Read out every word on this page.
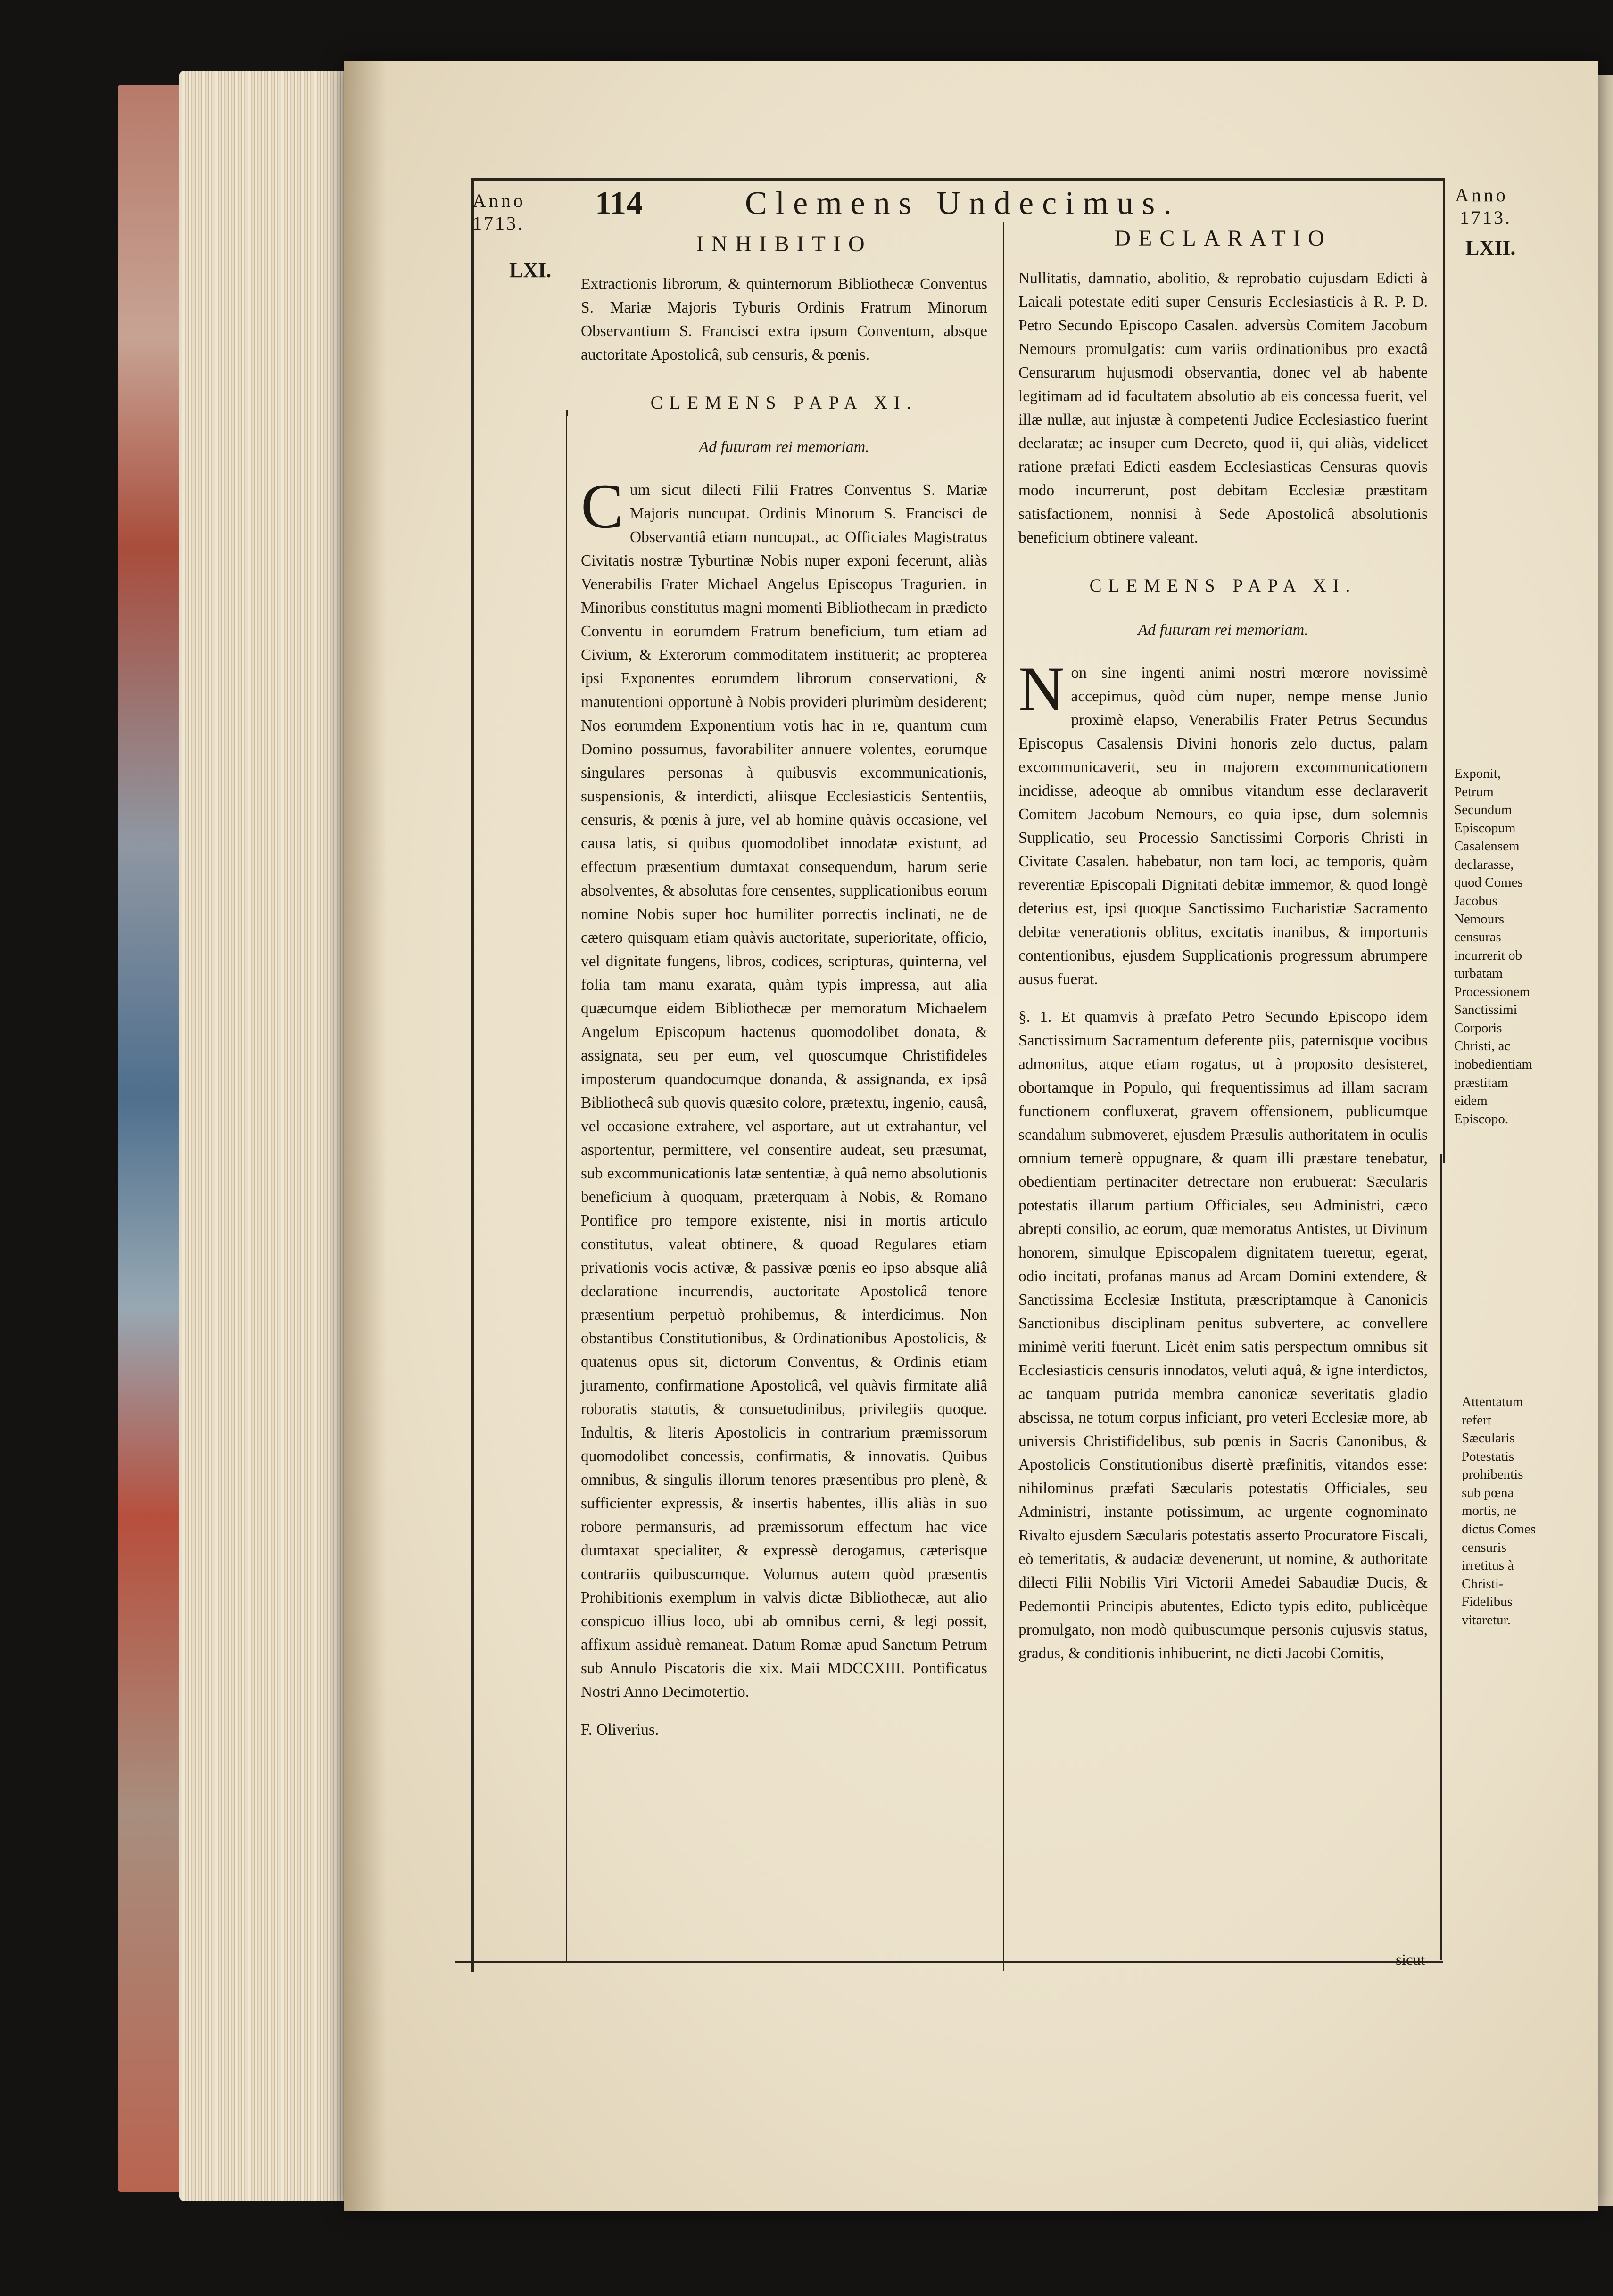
Anno
1713.
114	Clemens Undecimus.	Anno
1713.
LXI.
LXII.
INHIBITIO

Extractionis librorum, & quinternorum Bibliothecæ Conventus S. Mariæ Majoris Tyburis Ordinis Fratrum Minorum Observantium S. Francisci extra ipsum Conventum, absque auctoritate Apostolicâ, sub censuris, & pœnis.

CLEMENS PAPA XI.
Ad futuram rei memoriam.

Cum sicut dilecti Filii Fratres Conventus S. Mariæ Majoris nuncupat. Ordinis Minorum S. Francisci de Observantiâ etiam nuncupat., ac Officiales Magistratus Civitatis nostræ Tyburtinæ Nobis nuper exponi fecerunt, aliàs Venerabilis Frater Michael Angelus Episcopus Tragurien. in Minoribus constitutus magni momenti Bibliothecam in prædicto Conventu in eorumdem Fratrum beneficium, tum etiam ad Civium, & Exterorum commoditatem instituerit; ac propterea ipsi Exponentes eorumdem librorum conservationi, & manutentioni opportunè à Nobis provideri plurimùm desiderent; Nos eorumdem Exponentium votis hac in re, quantum cum Domino possumus, favorabiliter annuere volentes, eorumque singulares personas à quibusvis excommunicationis, suspensionis, & interdicti, aliisque Ecclesiasticis Sententiis, censuris, & pœnis à jure, vel ab homine quàvis occasione, vel causa latis, si quibus quomodolibet innodatæ existunt, ad effectum præsentium dumtaxat consequendum, harum serie absolventes, & absolutas fore censentes, supplicationibus eorum nomine Nobis super hoc humiliter porrectis inclinati, ne de cætero quisquam etiam quàvis auctoritate, superioritate, officio, vel dignitate fungens, libros, codices, scripturas, quinterna, vel folia tam manu exarata, quàm typis impressa, aut alia quæcumque eidem Bibliothecæ per memoratum Michaelem Angelum Episcopum hactenus quomodolibet donata, & assignata, seu per eum, vel quoscumque Christifideles imposterum quandocumque donanda, & assignanda, ex ipsâ Bibliothecâ sub quovis quæsito colore, prætextu, ingenio, causâ, vel occasione extrahere, vel asportare, aut ut extrahantur, vel asportentur, permittere, vel consentire audeat, seu præsumat, sub excommunicationis latæ sententiæ, à quâ nemo absolutionis beneficium à quoquam, præterquam à Nobis, & Romano Pontifice pro tempore existente, nisi in mortis articulo constitutus, valeat obtinere, & quoad Regulares etiam privationis vocis activæ, & passivæ pœnis eo ipso absque aliâ declaratione incurrendis, auctoritate Apostolicâ tenore præsentium perpetuò prohibemus, & interdicimus. Non obstantibus Constitutionibus, & Ordinationibus Apostolicis, & quatenus opus sit, dictorum Conventus, & Ordinis etiam juramento, confirmatione Apostolicâ, vel quàvis firmitate aliâ roboratis statutis, & consuetudinibus, privilegiis quoque. Indultis, & literis Apostolicis in contrarium præmissorum quomodolibet concessis, confirmatis, & innovatis. Quibus omnibus, & singulis illorum tenores præsentibus pro plenè, & sufficienter expressis, & insertis habentes, illis aliàs in suo robore permansuris, ad præmissorum effectum hac vice dumtaxat specialiter, & expressè derogamus, cæterisque contrariis quibuscumque. Volumus autem quòd præsentis Prohibitionis exemplum in valvis dictæ Bibliothecæ, aut alio conspicuo illius loco, ubi ab omnibus cerni, & legi possit, affixum assiduè remaneat. Datum Romæ apud Sanctum Petrum sub Annulo Piscatoris die xix. Maii MDCCXIII. Pontificatus Nostri Anno Decimotertio.

F. Oliverius.

DECLARATIO

Nullitatis, damnatio, abolitio, & reprobatio cujusdam Edicti à Laicali potestate editi super Censuris Ecclesiasticis à R. P. D. Petro Secundo Episcopo Casalen. adversùs Comitem Jacobum Nemours promulgatis: cum variis ordinationibus pro exactâ Censurarum hujusmodi observantia, donec vel ab habente legitimam ad id facultatem absolutio ab eis concessa fuerit, vel illæ nullæ, aut injustæ à competenti Judice Ecclesiastico fuerint declaratæ; ac insuper cum Decreto, quod ii, qui aliàs, videlicet ratione præfati Edicti easdem Ecclesiasticas Censuras quovis modo incurrerunt, post debitam Ecclesiæ præstitam satisfactionem, nonnisi à Sede Apostolicâ absolutionis beneficium obtinere valeant.

CLEMENS PAPA XI.
Ad futuram rei memoriam.

Non sine ingenti animi nostri mœrore novissimè accepimus, quòd cùm nuper, nempe mense Junio proximè elapso, Venerabilis Frater Petrus Secundus Episcopus Casalensis Divini honoris zelo ductus, palam excommunicaverit, seu in majorem excommunicationem incidisse, adeoque ab omnibus vitandum esse declaraverit Comitem Jacobum Nemours, eo quia ipse, dum solemnis Supplicatio, seu Processio Sanctissimi Corporis Christi in Civitate Casalen. habebatur, non tam loci, ac temporis, quàm reverentiæ Episcopali Dignitati debitæ immemor, & quod longè deterius est, ipsi quoque Sanctissimo Eucharistiæ Sacramento debitæ venerationis oblitus, excitatis inanibus, & importunis contentionibus, ejusdem Supplicationis progressum abrumpere ausus fuerat.

§. 1. Et quamvis à præfato Petro Secundo Episcopo idem Sanctissimum Sacramentum deferente piis, paternisque vocibus admonitus, atque etiam rogatus, ut à proposito desisteret, obortamque in Populo, qui frequentissimus ad illam sacram functionem confluxerat, gravem offensionem, publicumque scandalum submoveret, ejusdem Præsulis authoritatem in oculis omnium temerè oppugnare, & quam illi præstare tenebatur, obedientiam pertinaciter detrectare non erubuerat: Sæcularis potestatis illarum partium Officiales, seu Administri, cæco abrepti consilio, ac eorum, quæ memoratus Antistes, ut Divinum honorem, simulque Episcopalem dignitatem tueretur, egerat, odio incitati, profanas manus ad Arcam Domini extendere, & Sanctissima Ecclesiæ Instituta, præscriptamque à Canonicis Sanctionibus disciplinam penitus subvertere, ac convellere minimè veriti fuerunt. Licèt enim satis perspectum omnibus sit Ecclesiasticis censuris innodatos, veluti aquâ, & igne interdictos, ac tanquam putrida membra canonicæ severitatis gladio abscissa, ne totum corpus inficiant, pro veteri Ecclesiæ more, ab universis Christifidelibus, sub pœnis in Sacris Canonibus, & Apostolicis Constitutionibus disertè præfinitis, vitandos esse: nihilominus præfati Sæcularis potestatis Officiales, seu Administri, instante potissimum, ac urgente cognominato Rivalto ejusdem Sæcularis potestatis asserto Procuratore Fiscali, eò temeritatis, & audaciæ devenerunt, ut nomine, & authoritate dilecti Filii Nobilis Viri Victorii Amedei Sabaudiæ Ducis, & Pedemontii Principis abutentes, Edicto typis edito, publicèque promulgato, non modò quibuscumque personis cujusvis status, gradus, & conditionis inhibuerint, ne dicti Jacobi Comitis,

sicut
Exponit, Petrum Secundum Episcopum Casalensem declarasse, quod Comes Jacobus Nemours censuras incurrerit ob turbatam Processionem Sanctissimi Corporis Christi, ac inobedientiam præstitam eidem Episcopo.
Attentatum refert Sæcularis Potestatis prohibentis sub pœna mortis, ne dictus Comes censuris irretitus à Christi-Fidelibus vitaretur.
